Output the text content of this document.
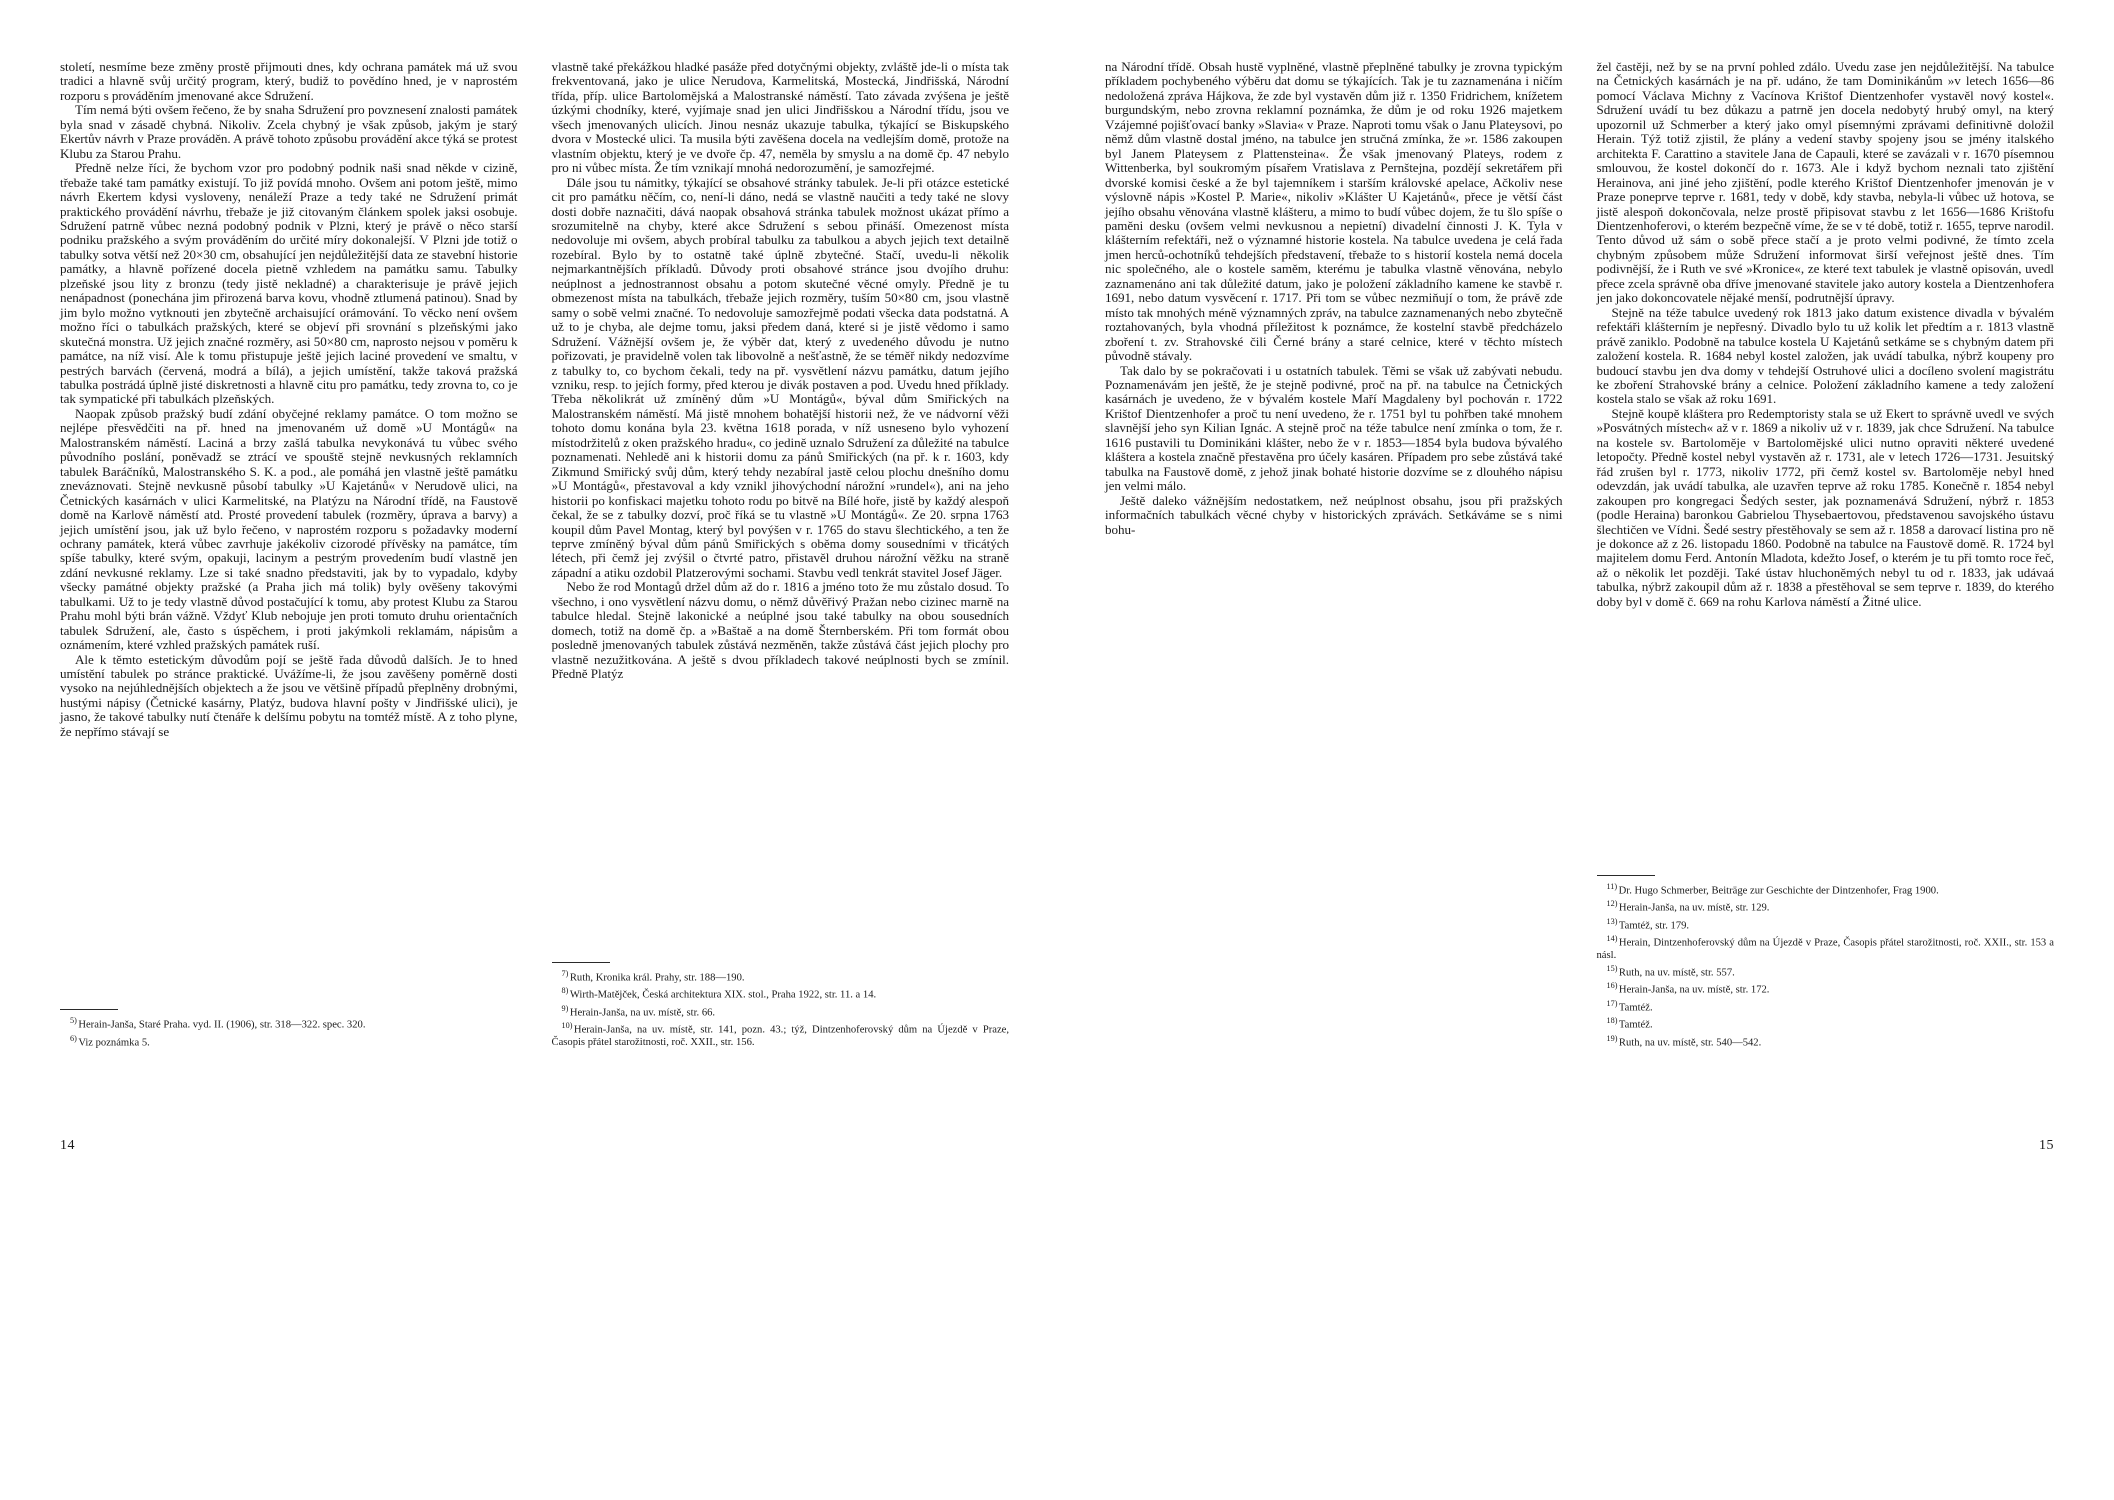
století, nesmíme beze změny prostě přijmouti dnes, kdy ochrana památek má už svou tradici a hlavně svůj určitý program, který, budiž to povědíno hned, je v naprostém rozporu s prováděním jmenované akce Sdružení.

Tím nemá býti ovšem řečeno, že by snaha Sdružení pro povznesení znalosti památek byla snad v zásadě chybná. Nikoliv. Zcela chybný je však způsob, jakým je starý Ekertův návrh v Praze prováděn. A právě tohoto způsobu provádění akce týká se protest Klubu za Starou Prahu.

Předně nelze říci, že bychom vzor pro podobný podnik naši snad někde v cizině, třebaže také tam památky existují. To již povídá mnoho. Ovšem ani potom ještě, mimo návrh Ekertem kdysi vysloveny, nenáleží Praze a tedy také ne Sdružení primát praktického provádění návrhu, třebaže je již citovaným článkem spolek jaksi osobuje. Sdružení patrně vůbec nezná podobný podnik v Plzni, který je právě o něco starší podniku pražského a svým prováděním do určité míry dokonalejší. V Plzni jde totiž o tabulky sotva větší než 20×30 cm, obsahující jen nejdůležitější data ze stavební historie památky, a hlavně pořízené docela pietně vzhledem na památku samu. Tabulky plzeňské jsou lity z bronzu (tedy jistě nekladné) a charakterisuje je právě jejich nenápadnost (ponechána jim přirozená barva kovu, vhodně ztlumená patinou). Snad by jim bylo možno vytknouti jen zbytečně archaisující orámování. To věcko není ovšem možno říci o tabulkách pražských, které se objeví při srovnání s plzeňskými jako skutečná monstra. Už jejich značné rozměry, asi 50×80 cm, naprosto nejsou v poměru k památce, na níž visí. Ale k tomu přistupuje ještě jejich laciné provedení ve smaltu, v pestrých barvách (červená, modrá a bílá), a jejich umístění, takže taková pražská tabulka postrádá úplně jisté diskretnosti a hlavně citu pro památku, tedy zrovna to, co je tak sympatické při tabulkách plzeňských.

Naopak způsob pražský budí zdání obyčejné reklamy památce. O tom možno se nejlépe přesvědčiti na př. hned na jmenovaném už domě »U Montágů« na Malostranském náměstí. Laciná a brzy zašlá tabulka nevykonává tu vůbec svého původního poslání, poněvadž se ztrácí ve spouště stejně nevkusných reklamních tabulek Baráčníků, Malostranského S. K. a pod., ale pomáhá jen vlastně ještě památku zneváznovati. Stejně nevkusně působí tabulky »U Kajetánů« v Nerudově ulici, na Četnických kasárnách v ulici Karmelitské, na Platýzu na Národní třídě, na Faustově domě na Karlově náměstí atd. Prosté provedení tabulek (rozměry, úprava a barvy) a jejich umístění jsou, jak už bylo řečeno, v naprostém rozporu s požadavky moderní ochrany památek, která vůbec zavrhuje jakékoliv cizorodé přívěsky na památce, tím spíše tabulky, které svým, opakuji, lacinym a pestrým provedením budí vlastně jen zdání nevkusné reklamy. Lze si také snadno představiti, jak by to vypadalo, kdyby všecky památné objekty pražské (a Praha jich má tolik) byly ověšeny takovými tabulkami. Už to je tedy vlastně důvod postačující k tomu, aby protest Klubu za Starou Prahu mohl býti brán vážně. Vždyť Klub nebojuje jen proti tomuto druhu orientačních tabulek Sdružení, ale, často s úspěchem, i proti jakýmkoli reklamám, nápisům a oznámením, které vzhled pražských památek ruší.

Ale k těmto estetickým důvodům pojí se ještě řada důvodů dalších. Je to hned umístění tabulek po stránce praktické. Uvážíme-li, že jsou zavěšeny poměrně dosti vysoko na nejúhlednějších objektech a že jsou ve většině případů přeplněny drobnými, hustými nápisy (Četnické kasárny, Platýz, budova hlavní pošty v Jindřišské ulici), je jasno, že takové tabulky nutí čtenáře k delšímu pobytu na tomtéž místě. A z toho plyne, že nepřímo stávají se

$^{5)}$ Herain-Janša, Staré Praha. vyd. II. (1906), str. 318—322. spec. 320.

$^{6)}$ Viz poznámka 5.

vlastně také překážkou hladké pasáže před dotyčnými objekty, zvláště jde-li o místa tak frekventovaná, jako je ulice Nerudova, Karmelitská, Mostecká, Jindřišská, Národní třída, příp. ulice Bartolomějská a Malostranské náměstí. Tato závada zvýšena je ještě úzkými chodníky, které, vyjímaje snad jen ulici Jindřišskou a Národní třídu, jsou ve všech jmenovaných ulicích. Jinou nesnáz ukazuje tabulka, týkající se Biskupského dvora v Mostecké ulici. Ta musila býti zavěšena docela na vedlejším domě, protože na vlastním objektu, který je ve dvoře čp. 47, neměla by smyslu a na domě čp. 47 nebylo pro ni vůbec místa. Že tím vznikají mnohá nedorozumění, je samozřejmé.

Dále jsou tu námitky, týkající se obsahové stránky tabulek. Je-li při otázce estetické cit pro památku něčím, co, není-li dáno, nedá se vlastně naučiti a tedy také ne slovy dosti dobře naznačiti, dává naopak obsahová stránka tabulek možnost ukázat přímo a srozumitelně na chyby, které akce Sdružení s sebou přináší. Omezenost místa nedovoluje mi ovšem, abych probíral tabulku za tabulkou a abych jejich text detailně rozebíral. Bylo by to ostatně také úplně zbytečné. Stačí, uvedu-li několik nejmarkantnějších příkladů. Důvody proti obsahové stránce jsou dvojího druhu: neúplnost a jednostrannost obsahu a potom skutečné věcné omyly. Předně je tu obmezenost místa na tabulkách, třebaže jejich rozměry, tuším 50×80 cm, jsou vlastně samy o sobě velmi značné. To nedovoluje samozřejmě podati všecka data podstatná. A už to je chyba, ale dejme tomu, jaksi předem daná, které si je jistě vědomo i samo Sdružení. Vážnější ovšem je, že výběr dat, který z uvedeného důvodu je nutno pořizovati, je pravidelně volen tak libovolně a nešťastně, že se téměř nikdy nedozvíme z tabulky to, co bychom čekali, tedy na př. vysvětlení názvu památku, datum jejího vzniku, resp. to jejích formy, před kterou je divák postaven a pod. Uvedu hned příklady. Třeba několikrát už zmíněný dům »U Montágů«, býval dům Smiřických na Malostranském náměstí. Má jistě mnohem bohatější historii než, že ve nádvorní věži tohoto domu konána byla 23. května 1618 porada, v níž usneseno bylo vyhození místodržitelů z oken pražského hradu«, co jedině uznalo Sdružení za důležité na tabulce poznamenati. Nehledě ani k historii domu za pánů Smiřických (na př. k r. 1603, kdy Zikmund Smiřický svůj dům, který tehdy nezabíral jastě celou plochu dnešního domu »U Montágů«, přestavoval a kdy vznikl jihovýchodní nárožní »rundel«), ani na jeho historii po konfiskaci majetku tohoto rodu po bitvě na Bílé hoře, jistě by každý alespoň čekal, že se z tabulky dozví, proč říká se tu vlastně »U Montágů«. Ze 20. srpna 1763 koupil dům Pavel Montag, který byl povýšen v r. 1765 do stavu šlechtického, a ten že teprve zmíněný býval dům pánů Smiřických s oběma domy sousedními v třicátých létech, při čemž jej zvýšil o čtvrté patro, přistavěl druhou nárožní věžku na straně západní a atiku ozdobil Platzerovými sochami. Stavbu vedl tenkrát stavitel Josef Jäger.

Nebo že rod Montagů držel dům až do r. 1816 a jméno toto že mu zůstalo dosud. To všechno, i ono vysvětlení názvu domu, o němž důvěřivý Pražan nebo cizinec marně na tabulce hledal. Stejně lakonické a neúplné jsou také tabulky na obou sousedních domech, totiž na domě čp. a »Baštaě a na domě Šternberském. Při tom formát obou posledně jmenovaných tabulek zůstává nezměněn, takže zůstává část jejich plochy pro vlastně nezužitkována. A ještě s dvou příkladech takové neúplnosti bych se zmínil. Předně Platýz

$^{7)}$ Ruth, Kronika král. Prahy, str. 188—190.

$^{8)}$ Wirth-Matějček, Česká architektura XIX. stol., Praha 1922, str. 11. a 14.

$^{9)}$ Herain-Janša, na uv. místě, str. 66.

$^{10)}$ Herain-Janša, na uv. místě, str. 141, pozn. 43.; týž, Dintzenhoferovský dům na Újezdě v Praze, Časopis přátel starožitnosti, roč. XXII., str. 156.

14

na Národní třídě. Obsah hustě vyplněné, vlastně přeplněné tabulky je zrovna typickým příkladem pochybeného výběru dat domu se týkajících. Tak je tu zaznamenána i ničím nedoložená zpráva Hájkova, že zde byl vystavěn dům již r. 1350 Fridrichem, knížetem burgundským, nebo zrovna reklamní poznámka, že dům je od roku 1926 majetkem Vzájemné pojišťovací banky »Slavia« v Praze. Naproti tomu však o Janu Plateysovi, po němž dům vlastně dostal jméno, na tabulce jen stručná zmínka, že »r. 1586 zakoupen byl Janem Plateysem z Plattensteina«. Že však jmenovaný Plateys, rodem z Wittenberka, byl soukromým písařem Vratislava z Pernštejna, pozdějí sekretářem při dvorské komisi české a že byl tajemníkem i starším královské apelace, Ačkoliv nese výslovně nápis »Kostel P. Marie«, nikoliv »Klášter U Kajetánů«, přece je větší část jejího obsahu věnována vlastně klášteru, a mimo to budí vůbec dojem, že tu šlo spíše o paměni desku (ovšem velmi nevkusnou a nepietní) divadelní činnosti J. K. Tyla v klášterním refektáři, než o významné historie kostela. Na tabulce uvedena je celá řada jmen herců-ochotníků tehdejších představení, třebaže to s historií kostela nemá docela nic společného, ale o kostele saměm, kterému je tabulka vlastně věnována, nebylo zaznamenáno ani tak důležité datum, jako je položení základního kamene ke stavbě r. 1691, nebo datum vysvěcení r. 1717. Při tom se vůbec nezmiňují o tom, že právě zde místo tak mnohých méně významných zpráv, na tabulce zaznamenaných nebo zbytečně roztahovaných, byla vhodná příležitost k poznámce, že kostelní stavbě předcházelo zboření t. zv. Strahovské čili Černé brány a staré celnice, které v těchto místech původně stávaly.

Tak dalo by se pokračovati i u ostatních tabulek. Těmi se však už zabývati nebudu. Poznamenávám jen ještě, že je stejně podivné, proč na př. na tabulce na Četnických kasárnách je uvedeno, že v bývalém kostele Maří Magdaleny byl pochován r. 1722 Krištof Dientzenhofer a proč tu není uvedeno, že r. 1751 byl tu pohřben také mnohem slavnější jeho syn Kilian Ignác. A stejně proč na téže tabulce není zmínka o tom, že r. 1616 pustavili tu Dominikáni klášter, nebo že v r. 1853—1854 byla budova bývalého kláštera a kostela značně přestavěna pro účely kasáren. Případem pro sebe zůstává také tabulka na Faustově domě, z jehož jinak bohaté historie dozvíme se z dlouhého nápisu jen velmi málo.

Ještě daleko vážnějším nedostatkem, než neúplnost obsahu, jsou při pražských informačních tabulkách věcné chyby v historických zprávách. Setkáváme se s nimi bohu-

žel častěji, než by se na první pohled zdálo. Uvedu zase jen nejdůležitější. Na tabulce na Četnických kasárnách je na př. udáno, že tam Dominikánům »v letech 1656—86 pomocí Václava Michny z Vacínova Krištof Dientzenhofer vystavěl nový kostel«. Sdružení uvádí tu bez důkazu a patrně jen docela nedobytý hrubý omyl, na který upozornil už Schmerber a který jako omyl písemnými zprávami definitivně doložil Herain. Týž totiž zjistil, že plány a vedení stavby spojeny jsou se jmény italského architekta F. Carattino a stavitele Jana de Capauli, které se zavázali v r. 1670 písemnou smlouvou, že kostel dokončí do r. 1673. Ale i když bychom neznali tato zjištění Herainova, ani jiné jeho zjištění, podle kterého Krištof Dientzenhofer jmenován je v Praze poneprve teprve r. 1681, tedy v době, kdy stavba, nebyla-li vůbec už hotova, se jistě alespoň dokončovala, nelze prostě připisovat stavbu z let 1656—1686 Krištofu Dientzenhoferovi, o kterém bezpečně víme, že se v té době, totiž r. 1655, teprve narodil. Tento důvod už sám o sobě přece stačí a je proto velmi podivné, že tímto zcela chybným způsobem může Sdružení informovat širší veřejnost ještě dnes. Tím podivnější, že i Ruth ve své »Kronice«, ze které text tabulek je vlastně opisován, uvedl přece zcela správně oba dříve jmenované stavitele jako autory kostela a Dientzenhofera jen jako dokoncovatele nějaké menší, podrutnější úpravy.

Stejně na téže tabulce uvedený rok 1813 jako datum existence divadla v bývalém refektáři klášterním je nepřesný. Divadlo bylo tu už kolik let předtím a r. 1813 vlastně právě zaniklo. Podobně na tabulce kostela U Kajetánů setkáme se s chybným datem při založení kostela. R. 1684 nebyl kostel založen, jak uvádí tabulka, nýbrž koupeny pro budoucí stavbu jen dva domy v tehdejší Ostruhové ulici a docíleno svolení magistrátu ke zboření Strahovské brány a celnice. Položení základního kamene a tedy založení kostela stalo se však až roku 1691.

Stejně koupě kláštera pro Redemptoristy stala se už Ekert to správně uvedl ve svých »Posvátných místech« až v r. 1869 a nikoliv už v r. 1839, jak chce Sdružení. Na tabulce na kostele sv. Bartoloměje v Bartolomějské ulici nutno opraviti některé uvedené letopočty. Předně kostel nebyl vystavěn až r. 1731, ale v letech 1726—1731. Jesuitský řád zrušen byl r. 1773, nikoliv 1772, při čemž kostel sv. Bartoloměje nebyl hned odevzdán, jak uvádí tabulka, ale uzavřen teprve až roku 1785. Konečně r. 1854 nebyl zakoupen pro kongregaci Šedých sester, jak poznamenává Sdružení, nýbrž r. 1853 (podle Heraina) baronkou Gabrielou Thysebaertovou, představenou savojského ústavu šlechtičen ve Vídni. Šedé sestry přestěhovaly se sem až r. 1858 a darovací listina pro ně je dokonce až z 26. listopadu 1860. Podobně na tabulce na Faustově domě. R. 1724 byl majitelem domu Ferd. Antonín Mladota, kdežto Josef, o kterém je tu při tomto roce řeč, až o několik let později. Také ústav hluchoněmých nebyl tu od r. 1833, jak udávaá tabulka, nýbrž zakoupil dům až r. 1838 a přestěhoval se sem teprve r. 1839, do kterého doby byl v domě č. 669 na rohu Karlova náměstí a Žitné ulice.

$^{11)}$ Dr. Hugo Schmerber, Beiträge zur Geschichte der Dintzenhofer, Frag 1900.

$^{12)}$ Herain-Janša, na uv. místě, str. 129.

$^{13)}$ Tamtéž, str. 179.

$^{14)}$ Herain, Dintzenhoferovský dům na Újezdě v Praze, Časopis přátel starožitnosti, roč. XXII., str. 153 a násl.

$^{15)}$ Ruth, na uv. místě, str. 557.

$^{16)}$ Herain-Janša, na uv. místě, str. 172.

$^{17)}$ Tamtéž.

$^{18)}$ Tamtéž.

$^{19)}$ Ruth, na uv. místě, str. 540—542.

15
